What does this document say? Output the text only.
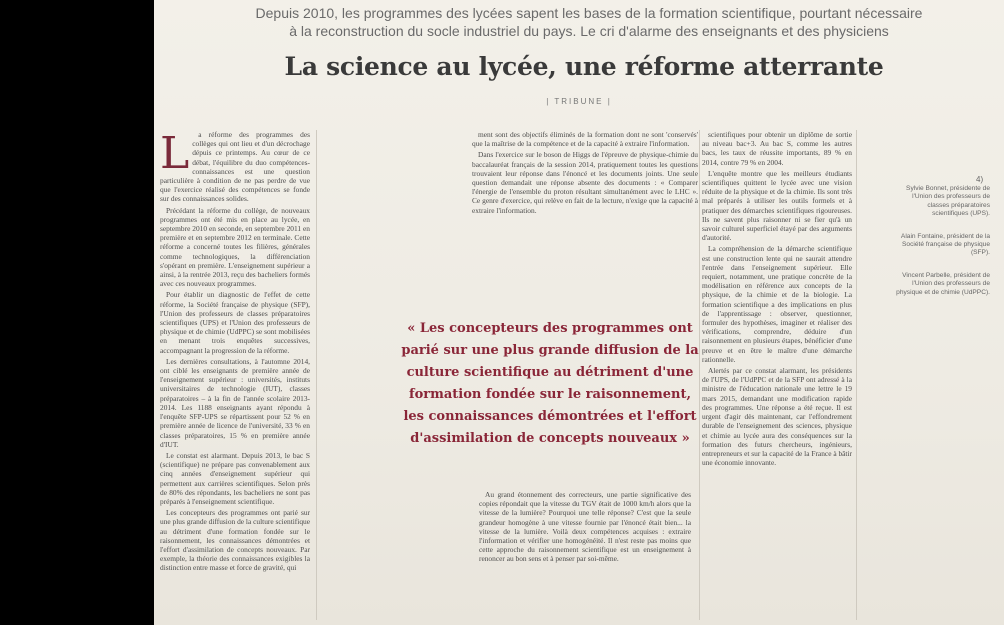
Depuis 2010, les programmes des lycées sapent les bases de la formation scientifique, pourtant nécessaire
à la reconstruction du socle industriel du pays. Le cri d'alarme des enseignants et des physiciens
La science au lycée, une réforme atterrante
| TRIBUNE |
L	a réforme des programmes des collèges qui ont lieu et d'un décrochage dépuis ce printemps. Au cœur de ce débat, l'équilibre du duo compétences-connaissances est une question particulière à condition de ne pas perdre de vue que l'exercice réalisé des compétences se fonde sur des connaissances solides.

Précédant la réforme du collège, de nouveaux programmes ont été mis en place au lycée, en septembre 2010 en seconde, en septembre 2011 en première et en septembre 2012 en terminale. Cette réforme a concerné toutes les filières, générales comme technologiques, la différenciation s'opérant en première. L'enseignement supérieur a ainsi, à la rentrée 2013, reçu des bacheliers formés avec ces nouveaux programmes.

Pour établir un diagnostic de l'effet de cette réforme, la Société française de physique (SFP), l'Union des professeurs de classes préparatoires scientifiques (UPS) et l'Union des professeurs de physique et de chimie (UdPPC) se sont mobilisées en menant trois enquêtes successives, accompagnant la progression de la réforme.

Les dernières consultations, à l'automne 2014, ont ciblé les enseignants de première année de l'enseignement supérieur : universités, instituts universitaires de technologie (IUT), classes préparatoires – à la fin de l'année scolaire 2013-2014. Les 1188 enseignants ayant répondu à l'enquête SFP-UPS se répartissent pour 52 % en première année de licence de l'université, 33 % en classes préparatoires, 15 % en première année d'IUT.

Le constat est alarmant. Depuis 2013, le bac S (scientifique) ne prépare pas convenablement aux cinq années d'enseignement supérieur qui permettent aux carrières scientifiques. Selon près de 80% des répondants, les bacheliers ne sont pas préparés à l'enseignement scientifique.

Les concepteurs des programmes ont parié sur une plus grande diffusion de la culture scientifique au détriment d'une formation fondée sur le raisonnement, les connaissances démontrées et l'effort d'assimilation de concepts nouveaux. Par exemple, la théorie des connaissances exigibles la distinction entre masse et force de gravité, qui

ment sont des objectifs éliminés de la formation dont ne sont 'conservés' que la maîtrise de la compétence et de la capacité à extraire l'information.

Dans l'exercice sur le boson de Higgs de l'épreuve de physique-chimie du baccalauréat français de la session 2014, pratiquement toutes les questions trouvaient leur réponse dans l'énoncé et les documents joints. Une seule question demandait une réponse absente des documents : « Comparer l'énergie de l'ensemble du proton résultant simultanément avec le LHC ». Ce genre d'exercice, qui relève en fait de la lecture, n'exige que la capacité à extraire l'information.

« Les concepteurs des programmes ont parié sur une plus grande diffusion de la culture scientifique au détriment d'une formation fondée sur le raisonnement, les connaissances démontrées et l'effort d'assimilation de concepts nouveaux »

Au grand étonnement des correcteurs, une partie significative des copies répondait que la vitesse du TGV était de 1000 km/h alors que la vitesse de la lumière? Pourquoi une telle réponse? C'est que la seule grandeur homogène à une vitesse fournie par l'énoncé était bien... la vitesse de la lumière. Voilà deux compétences acquises : extraire l'information et vérifier une homogénéité. Il n'est reste pas moins que cette approche du raisonnement scientifique est un enseignement à renoncer au bon sens et à penser par soi-même.

scientifiques pour obtenir un diplôme de sortie au niveau bac+3. Au bac S, comme les autres bacs, les taux de réussite importants, 89 % en 2014, contre 79 % en 2004.

L'enquête montre que les meilleurs étudiants scientifiques quittent le lycée avec une vision réduite de la physique et de la chimie. Ils sont très mal préparés à utiliser les outils formels et à pratiquer des démarches scientifiques rigoureuses. Ils ne savent plus raisonner ni se fier qu'à un savoir culturel superficiel étayé par des arguments d'autorité.

La compréhension de la démarche scientifique est une construction lente qui ne saurait attendre l'entrée dans l'enseignement supérieur. Elle requiert, notamment, une pratique concrète de la modélisation en référence aux concepts de la physique, de la chimie et de la biologie. La formation scientifique a des implications en plus de l'apprentissage : observer, questionner, formuler des hypothèses, imaginer et réaliser des vérifications, comprendre, déduire d'un raisonnement en plusieurs étapes, bénéficier d'une preuve et en être le maître d'une démarche rationnelle.

Alertés par ce constat alarmant, les présidents de l'UPS, de l'UdPPC et de la SFP ont adressé à la ministre de l'éducation nationale une lettre le 19 mars 2015, demandant une modification rapide des programmes. Une réponse a été reçue. Il est urgent d'agir dès maintenant, car l'effondrement durable de l'enseignement des sciences, physique et chimie au lycée aura des conséquences sur la formation des futurs chercheurs, ingénieurs, entrepreneurs et sur la capacité de la France à bâtir une économie innovante.

4)

Sylvie Bonnet, présidente de l'Union des professeurs de classes préparatoires scientifiques (UPS).

Alain Fontaine, président de la Société française de physique (SFP).

Vincent Parbelle, président de l'Union des professeurs de physique et de chimie (UdPPC).
